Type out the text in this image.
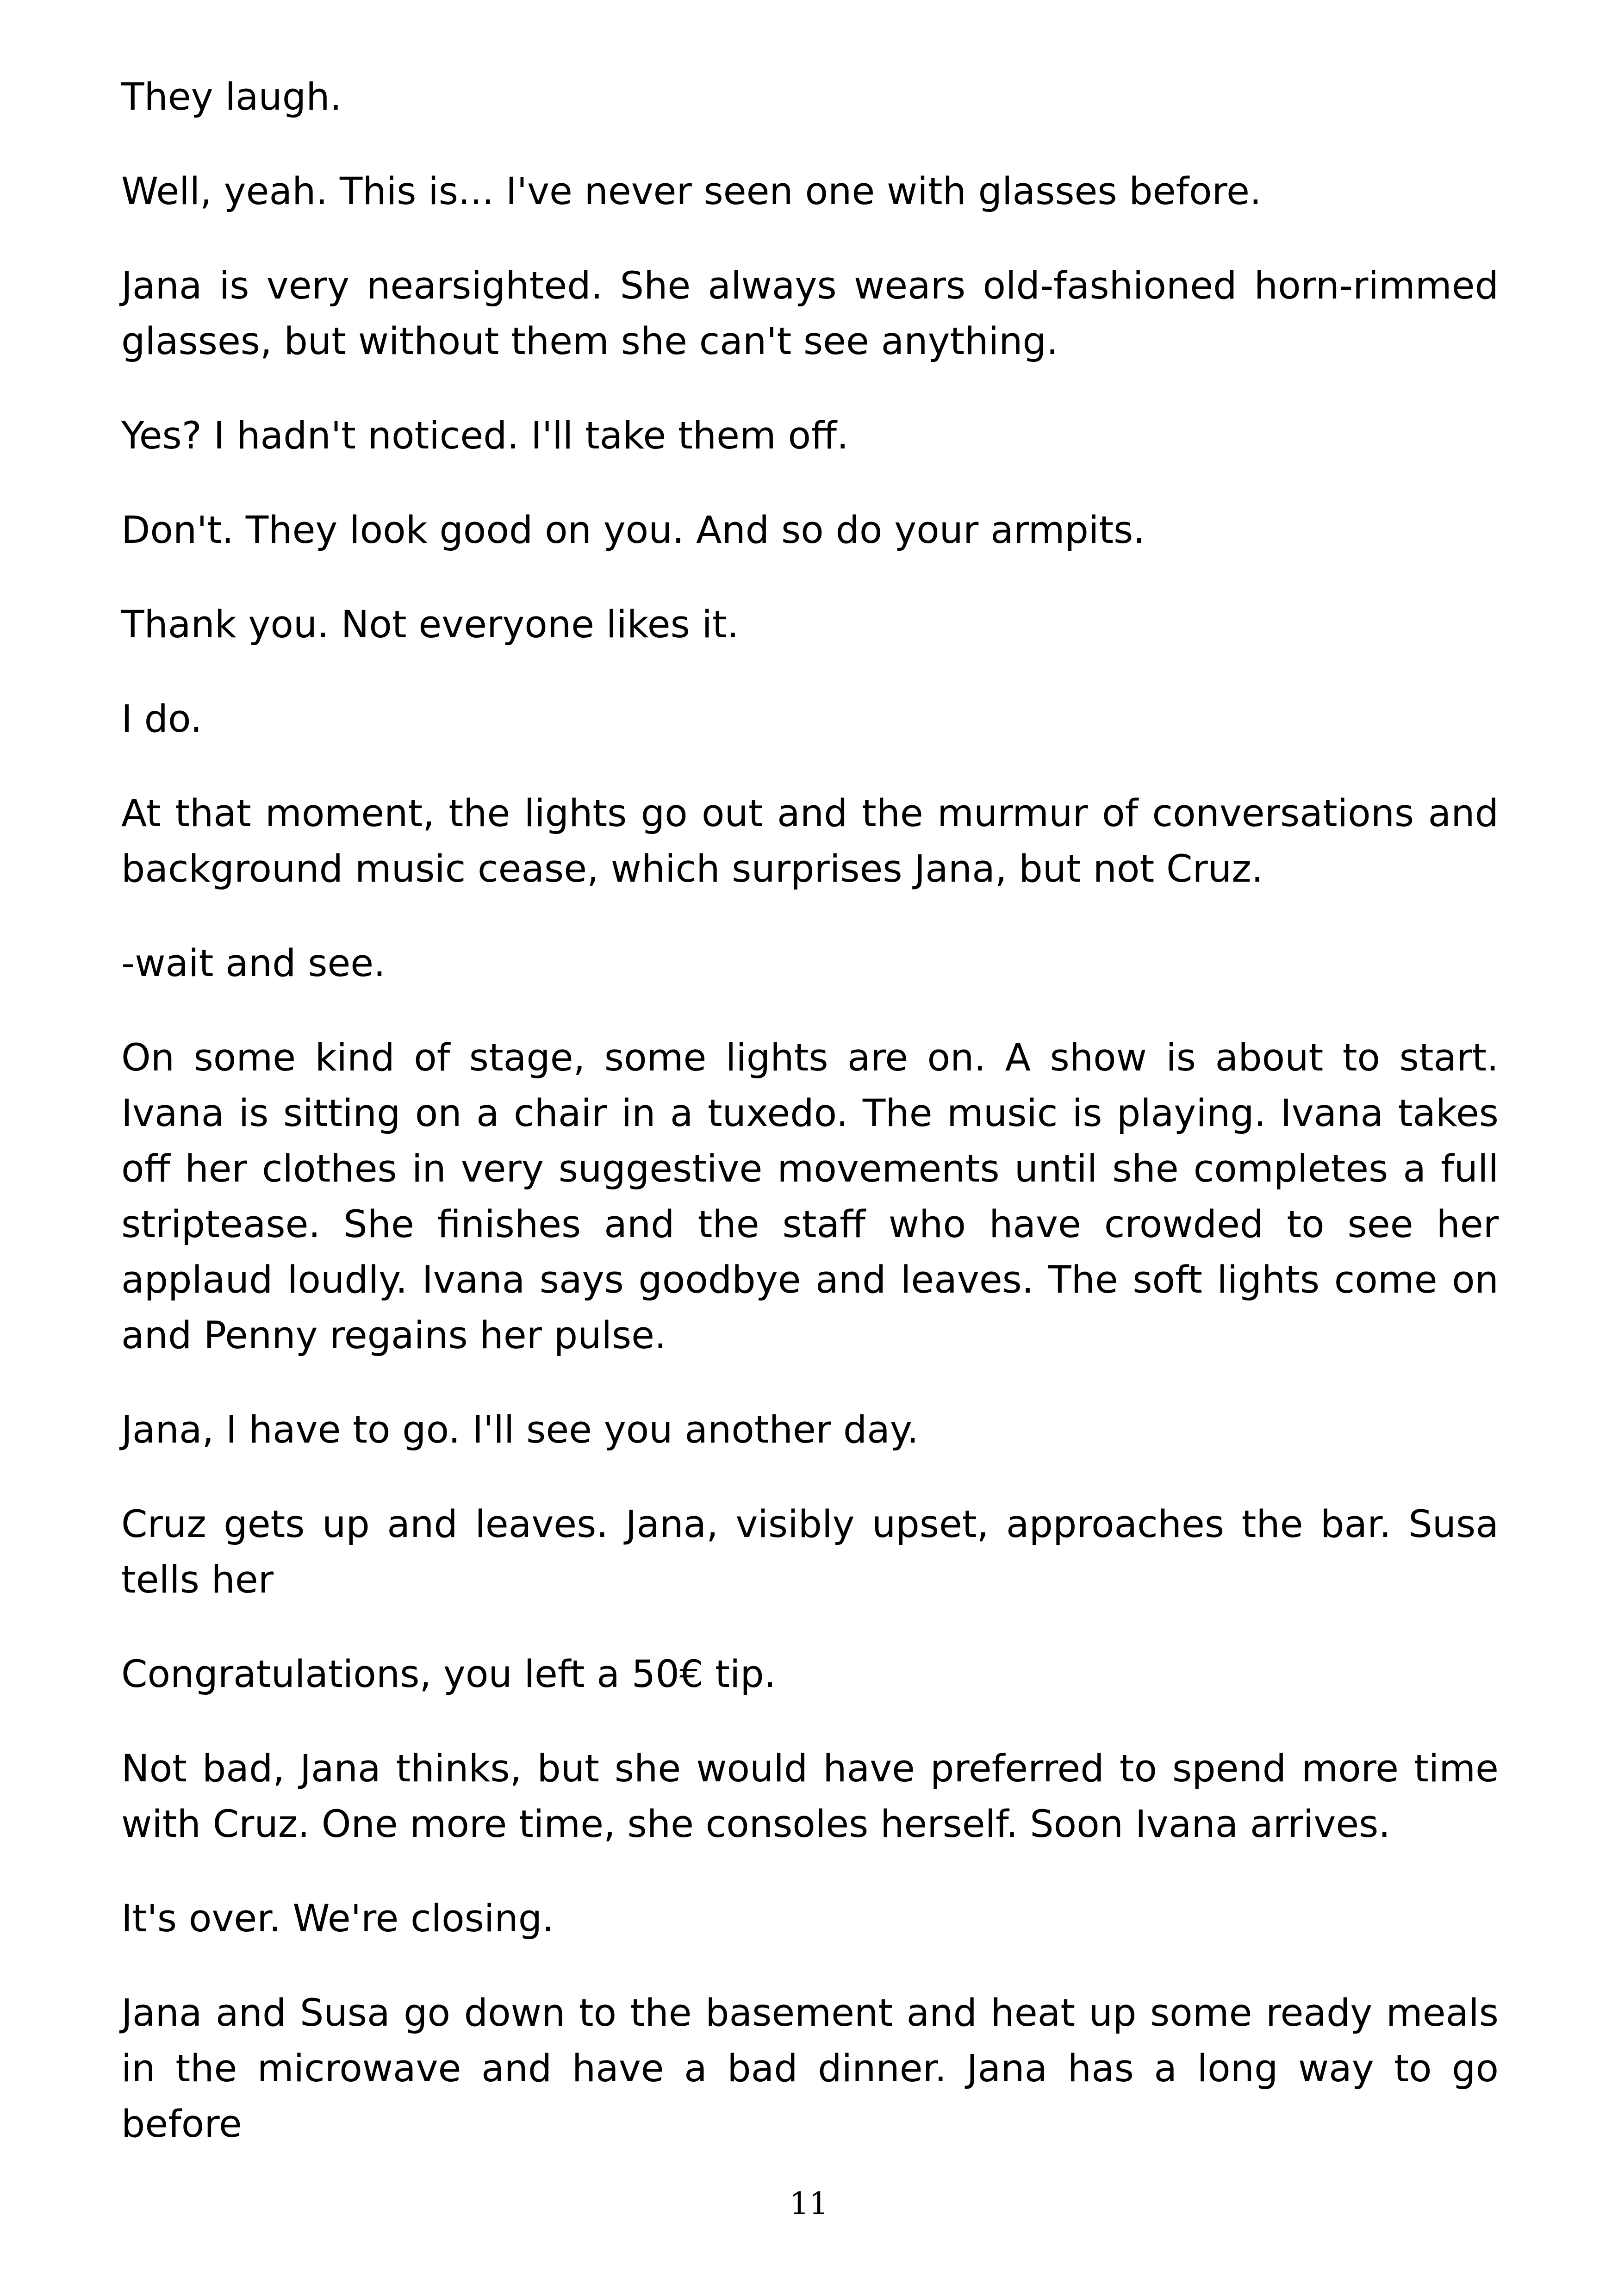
They laugh.

Well, yeah. This is... I've never seen one with glasses before.

Jana is very nearsighted. She always wears old-fashioned horn-rimmed glasses, but without them she can't see anything.

Yes? I hadn't noticed. I'll take them off.

Don't. They look good on you. And so do your armpits.

Thank you. Not everyone likes it.

I do.

At that moment, the lights go out and the murmur of conversations and background music cease, which surprises Jana, but not Cruz.

-wait and see.

On some kind of stage, some lights are on. A show is about to start. Ivana is sitting on a chair in a tuxedo. The music is playing. Ivana takes off her clothes in very suggestive movements until she completes a full striptease. She finishes and the staff who have crowded to see her applaud loudly. Ivana says goodbye and leaves. The soft lights come on and Penny regains her pulse.

Jana, I have to go. I'll see you another day.

Cruz gets up and leaves. Jana, visibly upset, approaches the bar. Susa tells her

Congratulations, you left a 50€ tip.

Not bad, Jana thinks, but she would have preferred to spend more time with Cruz. One more time, she consoles herself. Soon Ivana arrives.

It's over. We're closing.

Jana and Susa go down to the basement and heat up some ready meals in the microwave and have a bad dinner. Jana has a long way to go before

11
